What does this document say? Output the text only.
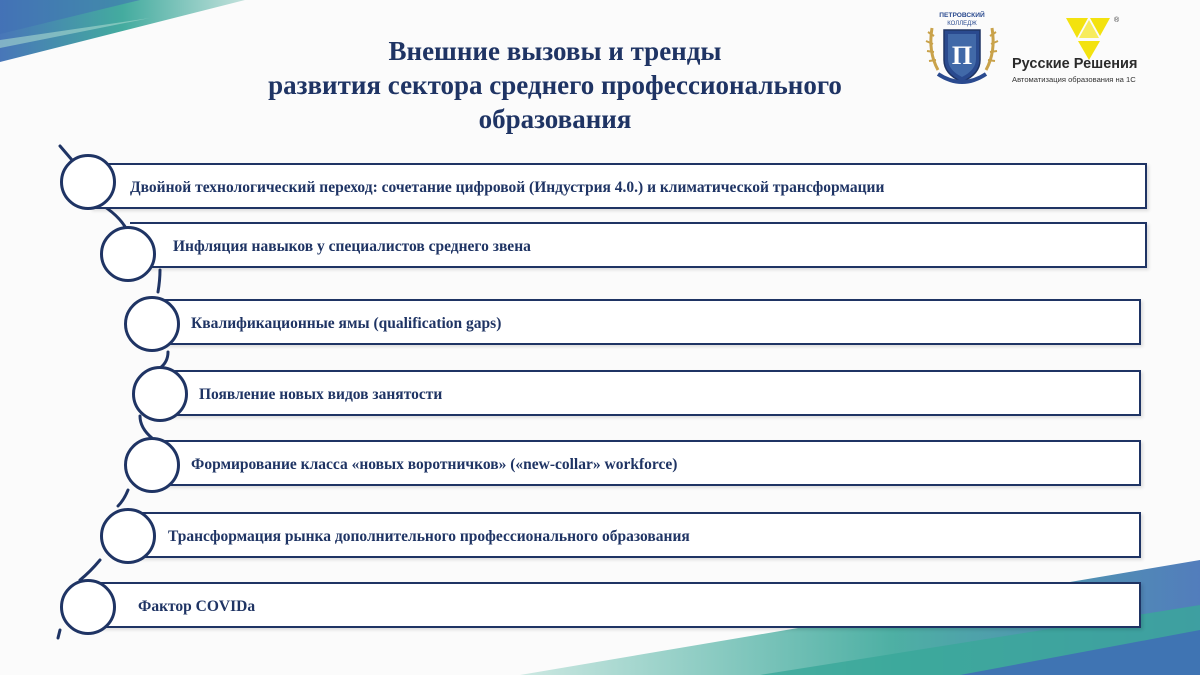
Внешние вызовы и тренды
развития сектора среднего профессионального
образования
ПЕТРОВСКИЙ
КОЛЛЕДЖ
П
®
Русские Решения
Автоматизация образования на 1С
Двойной технологический переход: сочетание цифровой (Индустрия 4.0.) и климатической трансформации
Инфляция навыков у специалистов среднего звена
Квалификационные ямы (qualification gaps)
Появление новых видов занятости
Формирование класса «новых воротничков» («new-collar» workforce)
Трансформация рынка дополнительного профессионального образования
Фактор COVIDа
